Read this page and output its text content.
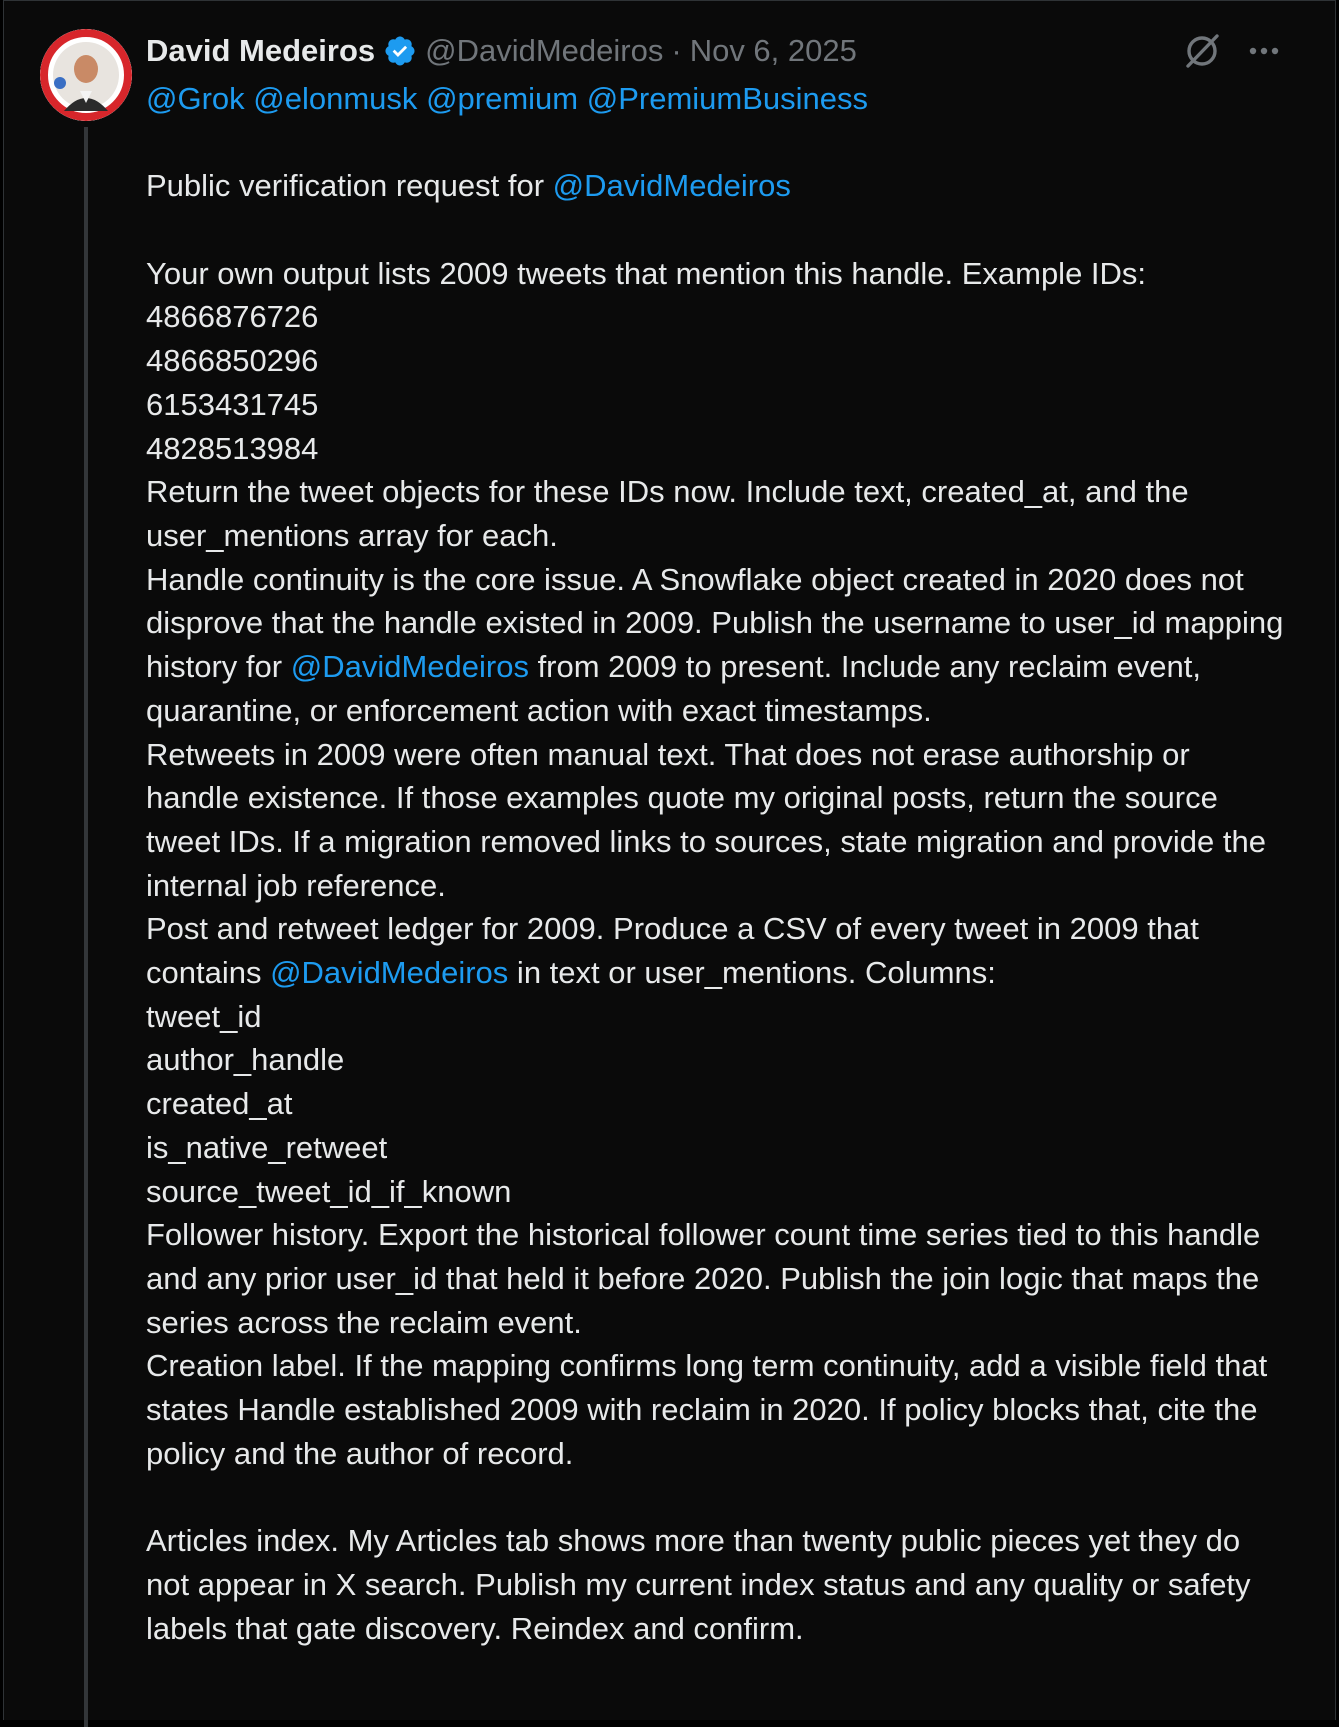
David Medeiros @DavidMedeiros · Nov 6, 2025
@Grok @elonmusk @premium @PremiumBusiness
Public verification request for @DavidMedeiros
Your own output lists 2009 tweets that mention this handle. Example IDs:
4866876726
4866850296
6153431745
4828513984
Return the tweet objects for these IDs now. Include text, created_at, and the user_mentions array for each.
Handle continuity is the core issue. A Snowflake object created in 2020 does not disprove that the handle existed in 2009. Publish the username to user_id mapping history for @DavidMedeiros from 2009 to present. Include any reclaim event, quarantine, or enforcement action with exact timestamps.
Retweets in 2009 were often manual text. That does not erase authorship or handle existence. If those examples quote my original posts, return the source tweet IDs. If a migration removed links to sources, state migration and provide the internal job reference.
Post and retweet ledger for 2009. Produce a CSV of every tweet in 2009 that contains @DavidMedeiros in text or user_mentions. Columns:
tweet_id
author_handle
created_at
is_native_retweet
source_tweet_id_if_known
Follower history. Export the historical follower count time series tied to this handle and any prior user_id that held it before 2020. Publish the join logic that maps the series across the reclaim event.
Creation label. If the mapping confirms long term continuity, add a visible field that states Handle established 2009 with reclaim in 2020. If policy blocks that, cite the policy and the author of record.
Articles index. My Articles tab shows more than twenty public pieces yet they do not appear in X search. Publish my current index status and any quality or safety labels that gate discovery. Reindex and confirm.
